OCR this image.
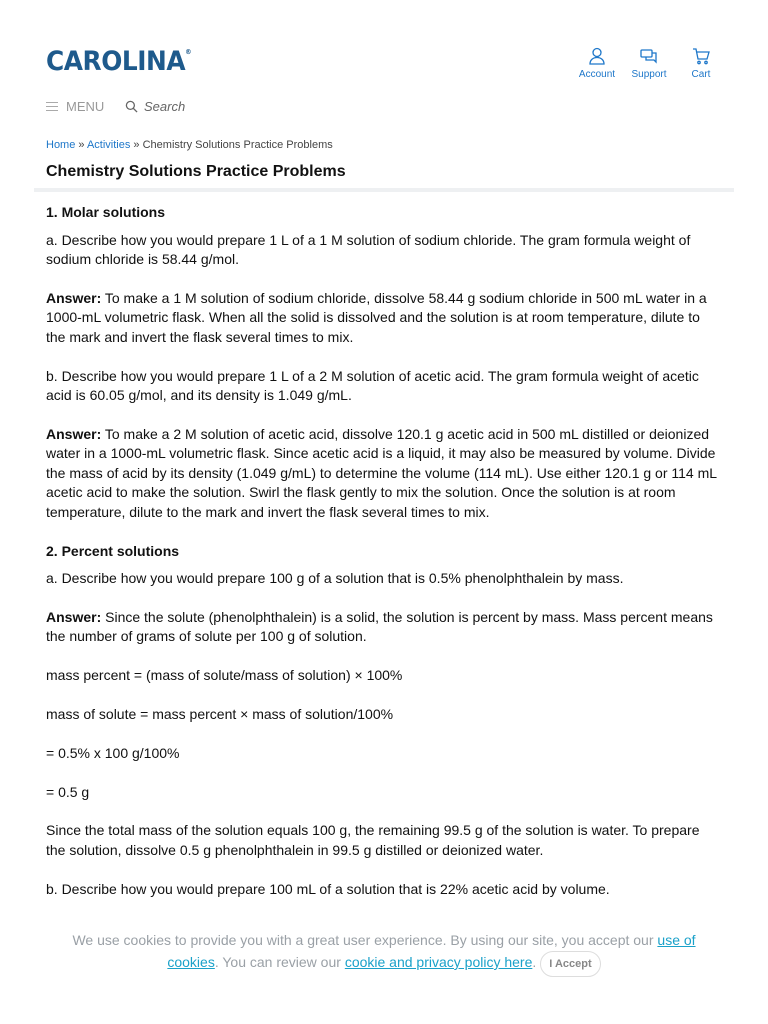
CAROLINA®
Account Support	Cart
MENU	Search
Home » Activities » Chemistry Solutions Practice Problems
Chemistry Solutions Practice Problems
1. Molar solutions

a. Describe how you would prepare 1 L of a 1 M solution of sodium chloride. The gram formula weight of sodium chloride is 58.44 g/mol.

Answer: To make a 1 M solution of sodium chloride, dissolve 58.44 g sodium chloride in 500 mL water in a 1000-mL volumetric flask. When all the solid is dissolved and the solution is at room temperature, dilute to the mark and invert the flask several times to mix.

b. Describe how you would prepare 1 L of a 2 M solution of acetic acid. The gram formula weight of acetic acid is 60.05 g/mol, and its density is 1.049 g/mL.

Answer: To make a 2 M solution of acetic acid, dissolve 120.1 g acetic acid in 500 mL distilled or deionized water in a 1000-mL volumetric flask. Since acetic acid is a liquid, it may also be measured by volume. Divide the mass of acid by its density (1.049 g/mL) to determine the volume (114 mL). Use either 120.1 g or 114 mL acetic acid to make the solution. Swirl the flask gently to mix the solution. Once the solution is at room temperature, dilute to the mark and invert the flask several times to mix.

2. Percent solutions

a. Describe how you would prepare 100 g of a solution that is 0.5% phenolphthalein by mass.

Answer: Since the solute (phenolphthalein) is a solid, the solution is percent by mass. Mass percent means the number of grams of solute per 100 g of solution.

mass percent = (mass of solute/mass of solution) × 100%

mass of solute = mass percent × mass of solution/100%

= 0.5% x 100 g/100%

= 0.5 g

Since the total mass of the solution equals 100 g, the remaining 99.5 g of the solution is water. To prepare the solution, dissolve 0.5 g phenolphthalein in 99.5 g distilled or deionized water.

b. Describe how you would prepare 100 mL of a solution that is 22% acetic acid by volume.

We use cookies to provide you with a great user experience. By using our site, you accept our use of cookies. You can review our cookie and privacy policy here. I Accept
